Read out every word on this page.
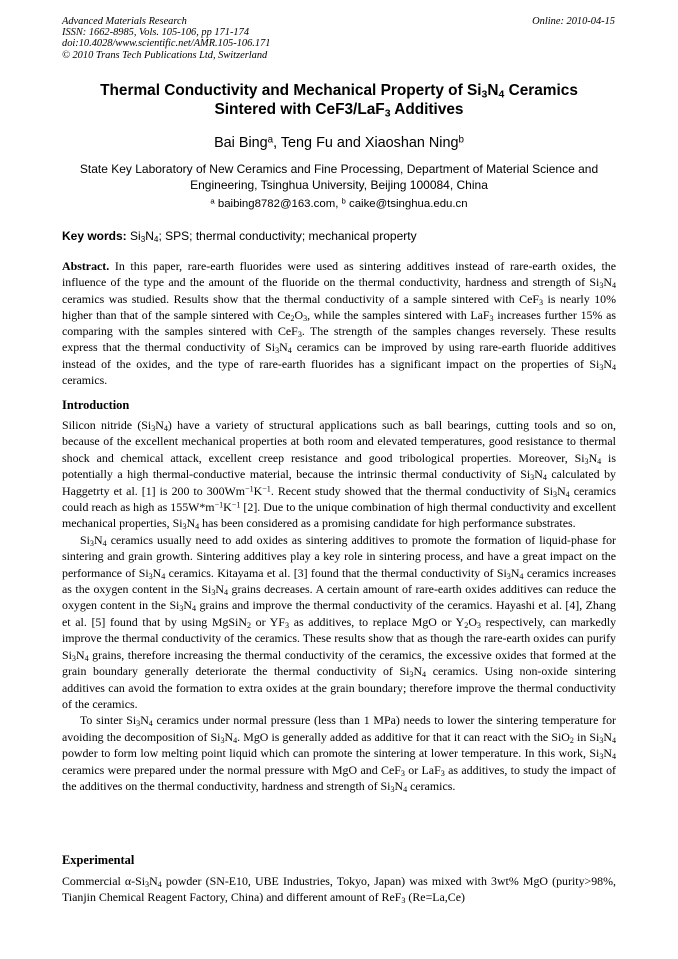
Advanced Materials Research
ISSN: 1662-8985, Vols. 105-106, pp 171-174
doi:10.4028/www.scientific.net/AMR.105-106.171
© 2010 Trans Tech Publications Ltd, Switzerland
Online: 2010-04-15
Thermal Conductivity and Mechanical Property of $Si_3N_4$ Ceramics
Sintered with CeF3/LaF$_3$ Additives
Bai Bing$^a$, Teng Fu and Xiaoshan Ning$^b$
State Key Laboratory of New Ceramics and Fine Processing, Department of Material Science and Engineering, Tsinghua University, Beijing 100084, China
$^a$ baibing8782@163.com, $^b$ caike@tsinghua.edu.cn
Key words: $Si_3N_4$; SPS; thermal conductivity; mechanical property
Abstract. In this paper, rare-earth fluorides were used as sintering additives instead of rare-earth oxides, the influence of the type and the amount of the fluoride on the thermal conductivity, hardness and strength of $Si_3N_4$ ceramics was studied. Results show that the thermal conductivity of a sample sintered with CeF$_3$ is nearly 10% higher than that of the sample sintered with $Ce_2O_3$, while the samples sintered with LaF$_3$ increases further 15% as comparing with the samples sintered with CeF$_3$. The strength of the samples changes reversely. These results express that the thermal conductivity of $Si_3N_4$ ceramics can be improved by using rare-earth fluoride additives instead of the oxides, and the type of rare-earth fluorides has a significant impact on the properties of $Si_3N_4$ ceramics.
Introduction

Silicon nitride $(Si_3N_4)$ have a variety of structural applications such as ball bearings, cutting tools and so on, because of the excellent mechanical properties at both room and elevated temperatures, good resistance to thermal shock and chemical attack, excellent creep resistance and good tribological properties. Moreover, $Si_3N_4$ is potentially a high thermal-conductive material, because the intrinsic thermal conductivity of $Si_3N_4$ calculated by Haggetrty et al. [1] is 200 to $300Wm^{-1}K^{-1}$. Recent study showed that the thermal conductivity of $Si_3N_4$ ceramics could reach as high as $155W*m^{-1}K^{-1}$ [2]. Due to the unique combination of high thermal conductivity and excellent mechanical properties, $Si_3N_4$ has been considered as a promising candidate for high performance substrates.

$Si_3N_4$ ceramics usually need to add oxides as sintering additives to promote the formation of liquid-phase for sintering and grain growth. Sintering additives play a key role in sintering process, and have a great impact on the performance of $Si_3N_4$ ceramics. Kitayama et al. [3] found that the thermal conductivity of $Si_3N_4$ ceramics increases as the oxygen content in the $Si_3N_4$ grains decreases. A certain amount of rare-earth oxides additives can reduce the oxygen content in the $Si_3N_4$ grains and improve the thermal conductivity of the ceramics. Hayashi et al. [4], Zhang et al. [5] found that by using MgSiN$_2$ or $YF_3$ as additives, to replace MgO or $Y_2O_3$ respectively, can markedly improve the thermal conductivity of the ceramics. These results show that as though the rare-earth oxides can purify $Si_3N_4$ grains, therefore increasing the thermal conductivity of the ceramics, the excessive oxides that formed at the grain boundary generally deteriorate the thermal conductivity of $Si_3N_4$ ceramics. Using non-oxide sintering additives can avoid the formation to extra oxides at the grain boundary; therefore improve the thermal conductivity of the ceramics.

To sinter $Si_3N_4$ ceramics under normal pressure (less than 1 MPa) needs to lower the sintering temperature for avoiding the decomposition of $Si_3N_4$. MgO is generally added as additive for that it can react with the SiO$_2$ in $Si_3N_4$ powder to form low melting point liquid which can promote the sintering at lower temperature. In this work, $Si_3N_4$ ceramics were prepared under the normal pressure with MgO and CeF$_3$ or LaF$_3$ as additives, to study the impact of the additives on the thermal conductivity, hardness and strength of $Si_3N_4$ ceramics.

Experimental

Commercial $\alpha-Si_3N_4$ powder (SN-E10, UBE Industries, Tokyo, Japan) was mixed with 3wt% MgO (purity>98%, Tianjin Chemical Reagent Factory, China) and different amount of ReF$_3$ (Re=La,Ce)
